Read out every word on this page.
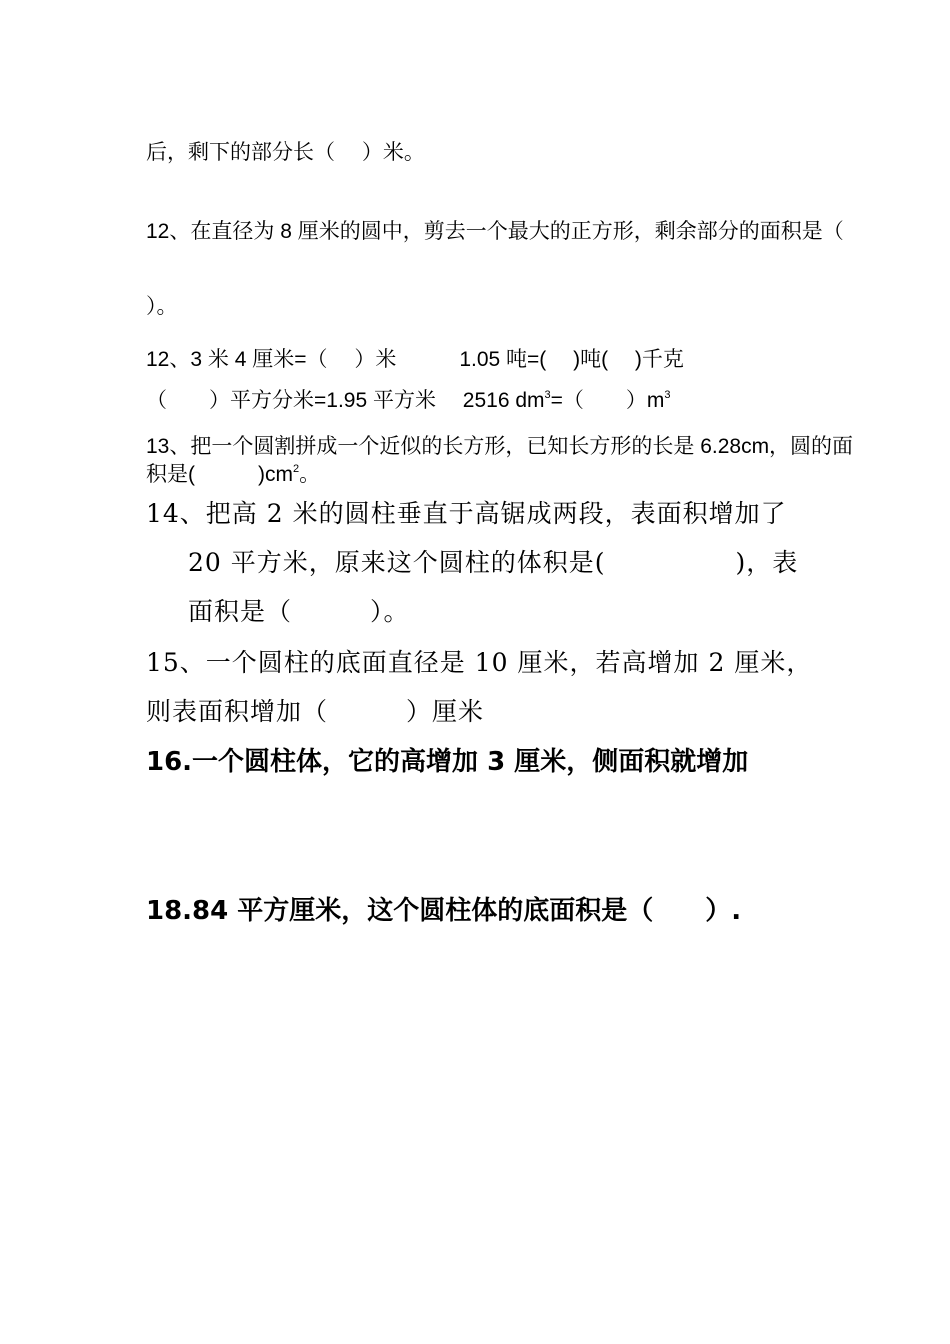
后，剩下的部分长（　 ）米。

12、在直径为 8 厘米的圆中，剪去一个最大的正方形，剩余部分的面积是（

）。

12、3 米 4 厘米=（　 ）米　　　1.05 吨=(　 )吨(　 )千克

（　　）平方分米=1.95 平方米　 2516 $dm^3=$（　　）$m^3$

13、把一个圆割拼成一个近似的长方形，已知长方形的长是 6.28cm，圆的面

积是(　　　)$cm^2$。

14、把高 2 米的圆柱垂直于高锯成两段，表面积增加了

20 平方米，原来这个圆柱的体积是(　　　　　)，表

面积是（　　　）。

15、一个圆柱的底面直径是 10 厘米，若高增加 2 厘米，

则表面积增加（　　　）厘米

16.一个圆柱体，它的高增加 3 厘米，侧面积就增加

18.84 平方厘米，这个圆柱体的底面积是（　　）.
